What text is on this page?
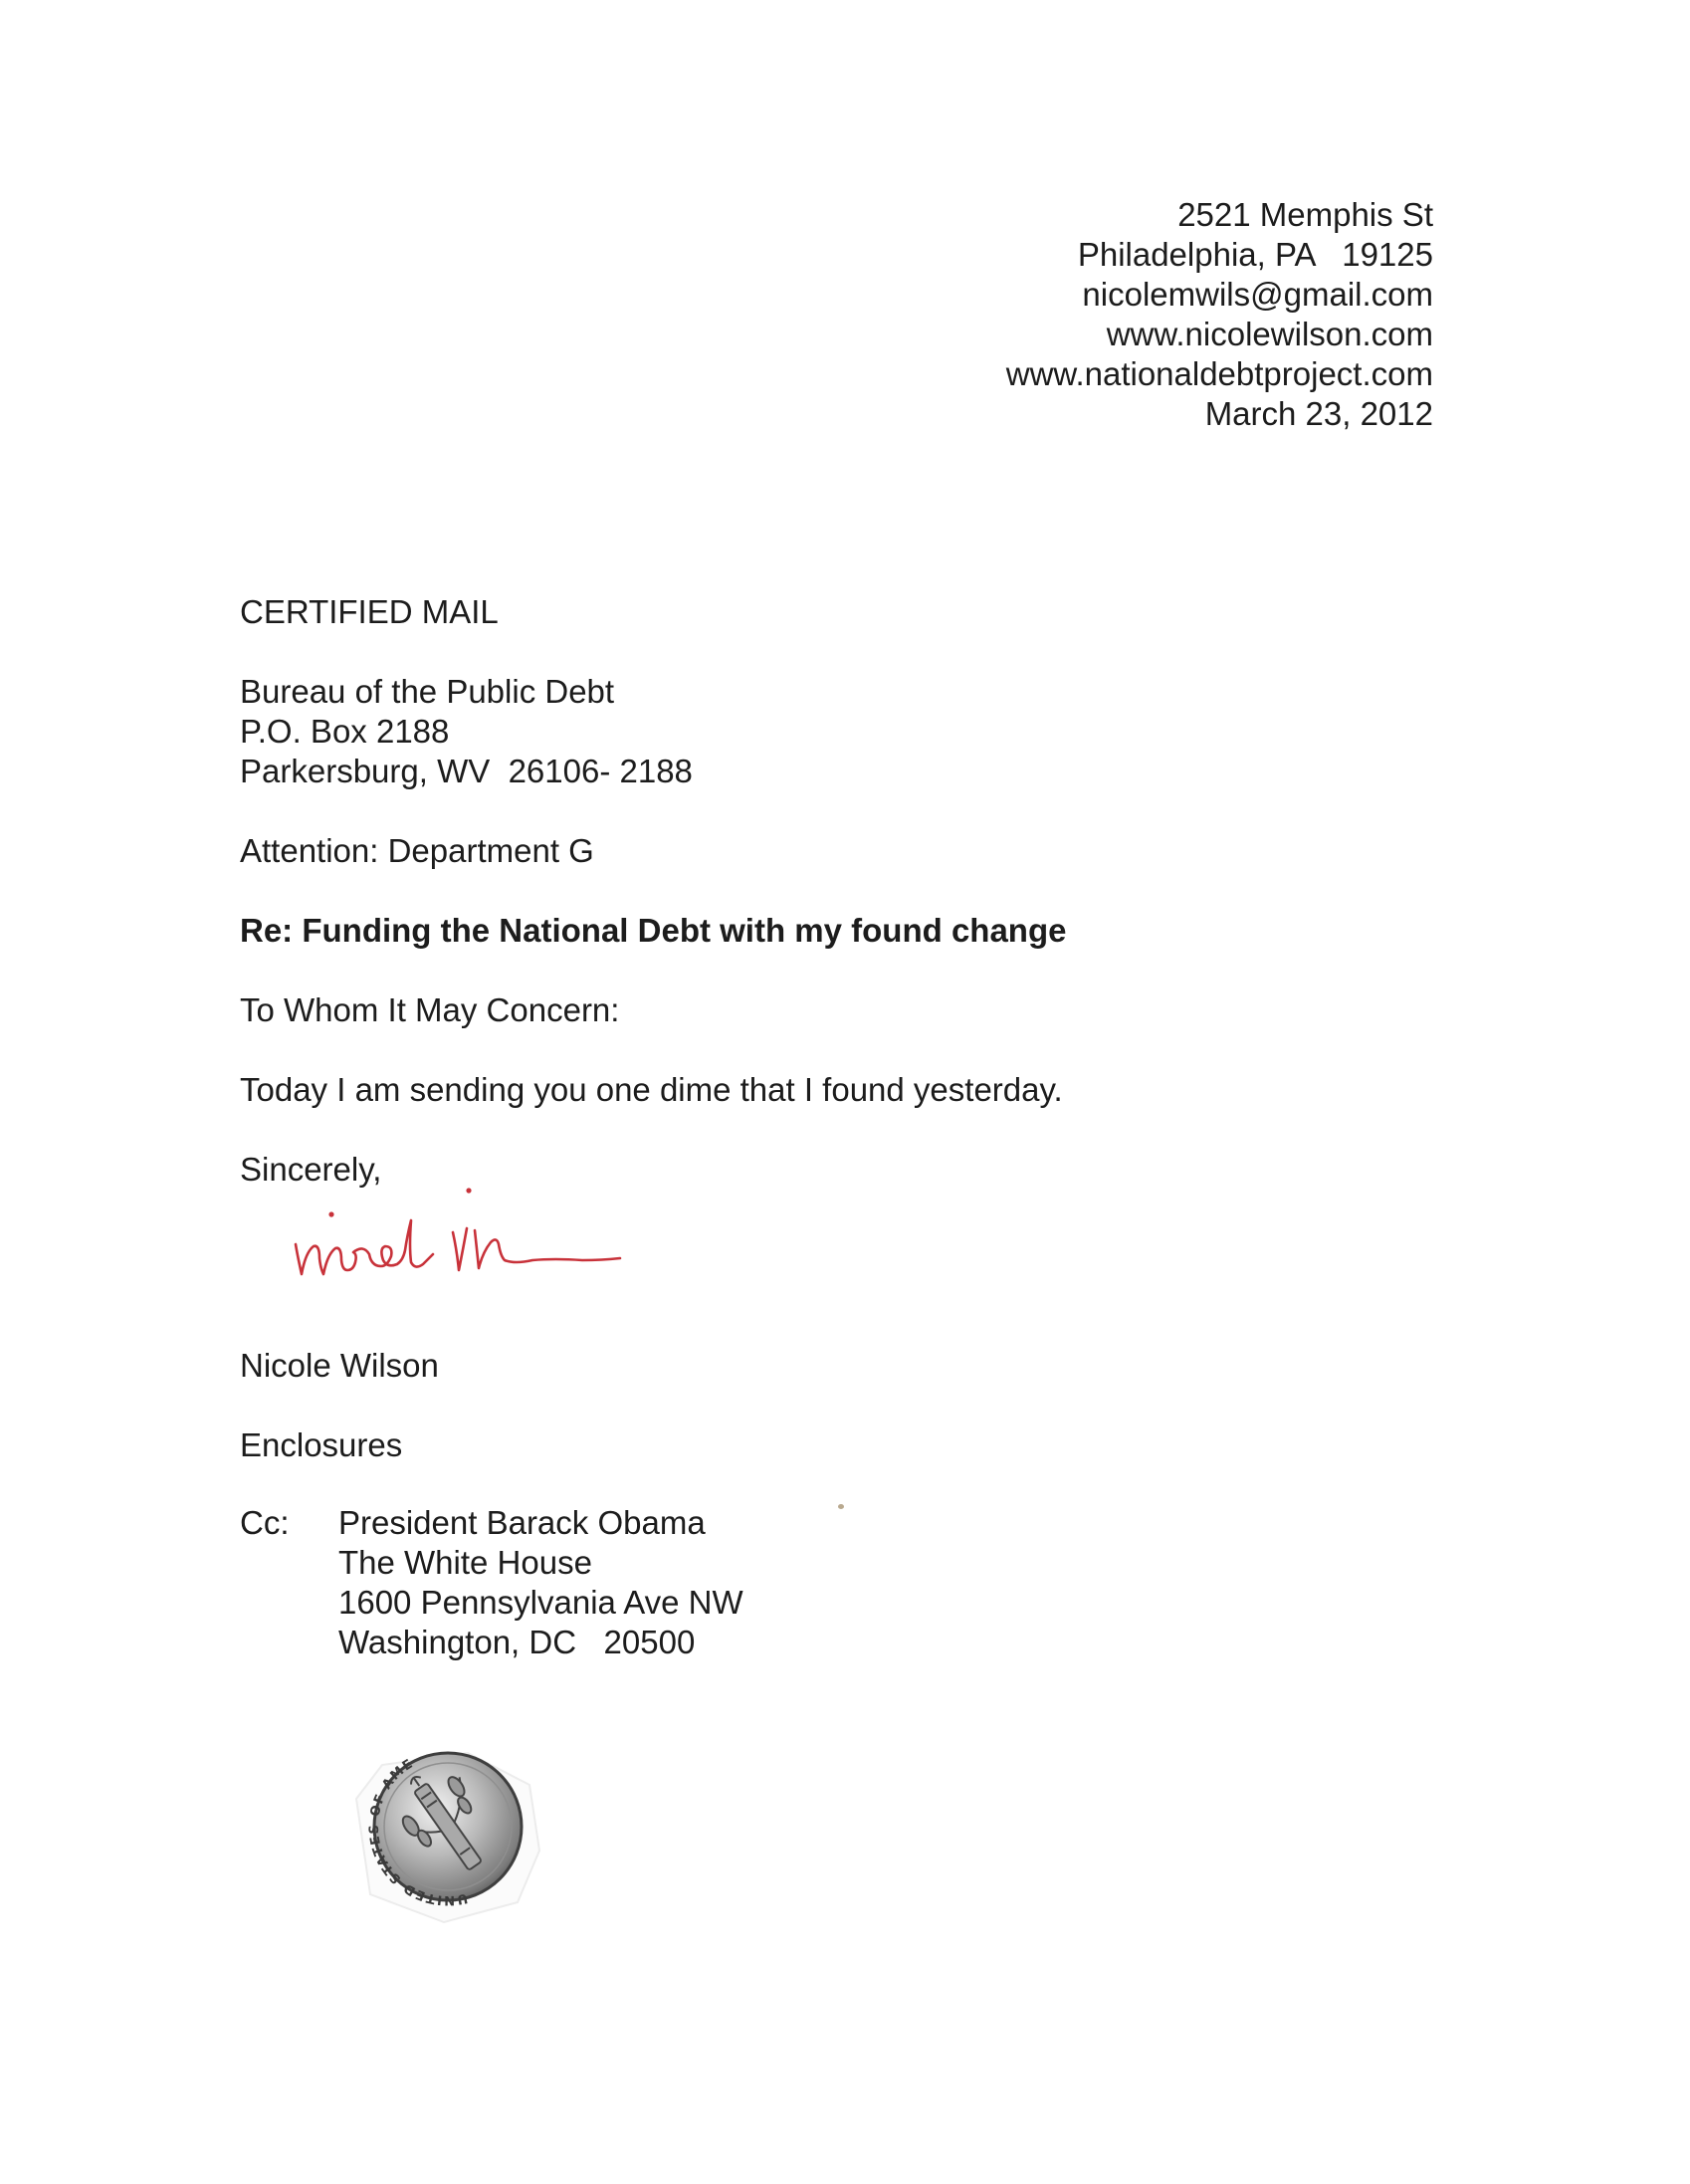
2521 Memphis St
Philadelphia, PA   19125
nicolemwils@gmail.com
www.nicolewilson.com
www.nationaldebtproject.com
March 23, 2012
CERTIFIED MAIL
Bureau of the Public Debt
P.O. Box 2188
Parkersburg, WV  26106- 2188
Attention: Department G
Re: Funding the National Debt with my found change
To Whom It May Concern:
Today I am sending you one dime that I found yesterday.
Sincerely,
Nicole Wilson
Enclosures
Cc: President Barack Obama
The White House
1600 Pennsylvania Ave NW
Washington, DC   20500
UNITED STATES OF AMERICA
